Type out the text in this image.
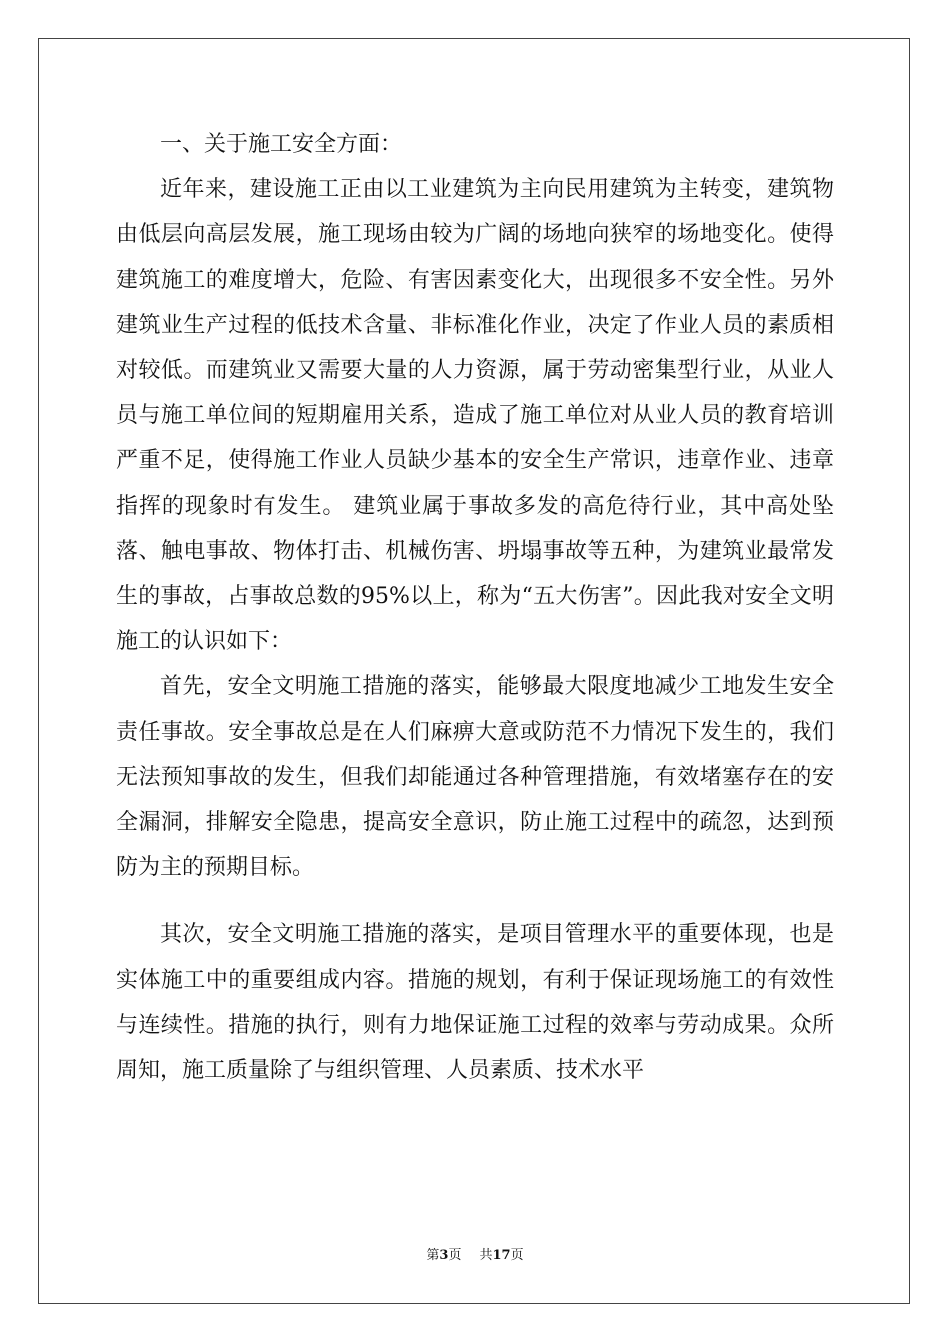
一、关于施工安全方面：

近年来，建设施工正由以工业建筑为主向民用建筑为主转变，建筑物由低层向高层发展，施工现场由较为广阔的场地向狭窄的场地变化。使得建筑施工的难度增大，危险、有害因素变化大，出现很多不安全性。另外建筑业生产过程的低技术含量、非标准化作业，决定了作业人员的素质相对较低。而建筑业又需要大量的人力资源，属于劳动密集型行业，从业人员与施工单位间的短期雇用关系，造成了施工单位对从业人员的教育培训严重不足，使得施工作业人员缺少基本的安全生产常识，违章作业、违章指挥的现象时有发生。 建筑业属于事故多发的高危待行业，其中高处坠落、触电事故、物体打击、机械伤害、坍塌事故等五种，为建筑业最常发生的事故，占事故总数的95%以上，称为“五大伤害”。因此我对安全文明施工的认识如下：

首先，安全文明施工措施的落实，能够最大限度地减少工地发生安全责任事故。安全事故总是在人们麻痹大意或防范不力情况下发生的，我们无法预知事故的发生，但我们却能通过各种管理措施，有效堵塞存在的安全漏洞，排解安全隐患，提高安全意识，防止施工过程中的疏忽，达到预防为主的预期目标。

其次，安全文明施工措施的落实，是项目管理水平的重要体现，也是实体施工中的重要组成内容。措施的规划，有利于保证现场施工的有效性与连续性。措施的执行，则有力地保证施工过程的效率与劳动成果。众所周知，施工质量除了与组织管理、人员素质、技术水平

第3页 共17页
